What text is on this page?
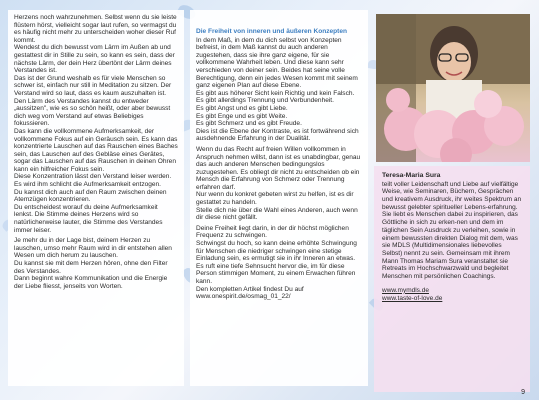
Herzens noch wahrzunehmen. Selbst wenn du sie leiste flüstern hörst, vielleicht sogar laut rufen, so vermagst du es häufig nicht mehr zu unterscheiden woher dieser Ruf kommt.
Wendest du dich bewusst vom Lärm im Außen ab und gestattest dir in Stille zu sein, so kann es sein, dass der nächste Lärm, der dein Herz übertönt der Lärm deines Verstandes ist.
Das ist der Grund weshalb es für viele Menschen so schwer ist, einfach nur still in Meditation zu sitzen. Der Verstand wird so laut, dass es kaum auszuhalten ist.
Den Lärm des Verstandes kannst du entweder „aussitzen", wie es so schön heißt, oder aber bewusst dich weg vom Verstand auf etwas Beliebiges fokussieren.
Das kann die vollkommene Aufmerksamkeit, der vollkommene Fokus auf ein Geräusch sein. Es kann das konzentrierte Lauschen auf das Rauschen eines Baches sein, das Lauschen auf des Gebläse eines Gerätes, sogar das Lauschen auf das Rauschen in deinen Ohren kann ein hilfreicher Fokus sein.
Diese Konzentration lässt den Verstand leiser werden. Es wird ihm schlicht die Aufmerksamkeit entzogen.
Du kannst dich auch auf den Raum zwischen deinen Atemzügen konzentrieren.
Du entscheidest worauf du deine Aufmerksamkeit lenkst. Die Stimme deines Herzens wird so natürlicherweise lauter, die Stimme des Verstandes immer leiser.
Je mehr du in der Lage bist, deinem Herzen zu lauschen, umso mehr Raum wird in dir entstehen allen Wesen um dich herum zu lauschen.
Du kannst sie mit dem Herzen hören, ohne den Filter des Verstandes.
Dann beginnt wahre Kommunikation und die Energie der Liebe fliesst, jenseits von Worten.
Die Freiheit von inneren und äußeren Konzepten
In dem Maß, in dem du dich selbst von Konzepten befreist, in dem Maß kannst du auch anderen zugestehen, dass sie ihre ganz eigene, für sie vollkommene Wahrheit leben. Und diese kann sehr verschieden von deiner sein. Beides hat seine volle Berechtigung, denn ein jedes Wesen kommt mit seinem ganz eigenen Plan auf diese Ebene.
Es gibt aus höherer Sicht kein Richtig und kein Falsch.
Es gibt allerdings Trennung und Verbundenheit.
Es gibt Angst und es gibt Liebe.
Es gibt Enge und es gibt Weite.
Es gibt Schmerz und es gibt Freude.
Dies ist die Ebene der Kontraste, es ist fortwährend sich ausdehnende Erfahrung in der Dualität.
Wenn du das Recht auf freien Willen vollkommen in Anspruch nehmen willst, dann ist es unabdingbar, genau das auch anderen Menschen bedingungslos zuzugestehen. Es obliegt dir nicht zu entscheiden ob ein Mensch die Erfahrung von Schmerz oder Trennung erfahren darf.
Nur wenn du konkret gebeten wirst zu helfen, ist es dir gestattet zu handeln.
Stelle dich nie über die Wahl eines Anderen, auch wenn dir diese nicht gefällt.
Deine Freiheit liegt darin, in der dir höchst möglichen Frequenz zu schwingen.
Schwingst du hoch, so kann deine erhöhte Schwingung für Menschen die niedriger schwingen eine stetige Einladung sein, es ermutigt sie in ihr Inneren an etwas. Es ruft eine tiefe Sehnsucht hervor die, im für diese Person stimmigen Moment, zu einem Erwachen führen kann.
Den kompletten Artikel findest Du auf
www.onespirit.de/osmag_01_22/
Teresa-Maria Sura
teilt voller Leidenschaft und Liebe auf vielfältige Weise, wie Seminaren, Büchern, Gesprächen und kreativem Ausdruck, ihr weites Spektrum an bewusst gelebter spiritueller Lebens-erfahrung. Sie liebt es Menschen dabei zu inspirieren, das Göttliche in sich zu erken-nen und dem im täglichen Sein Ausdruck zu verleihen, sowie in einem bewussten direkten Dialog mit dem, was sie MDLS (Multidimensionales liebevolles Selbst) nennt zu sein. Gemeinsam mit ihrem Mann Thomas Mariam Sura veranstaltet sie Retreats im Hochschwarzwald und begleitet Menschen mit persönlichen Coachings.
www.mymdls.de
www.taste-of-love.de
9
